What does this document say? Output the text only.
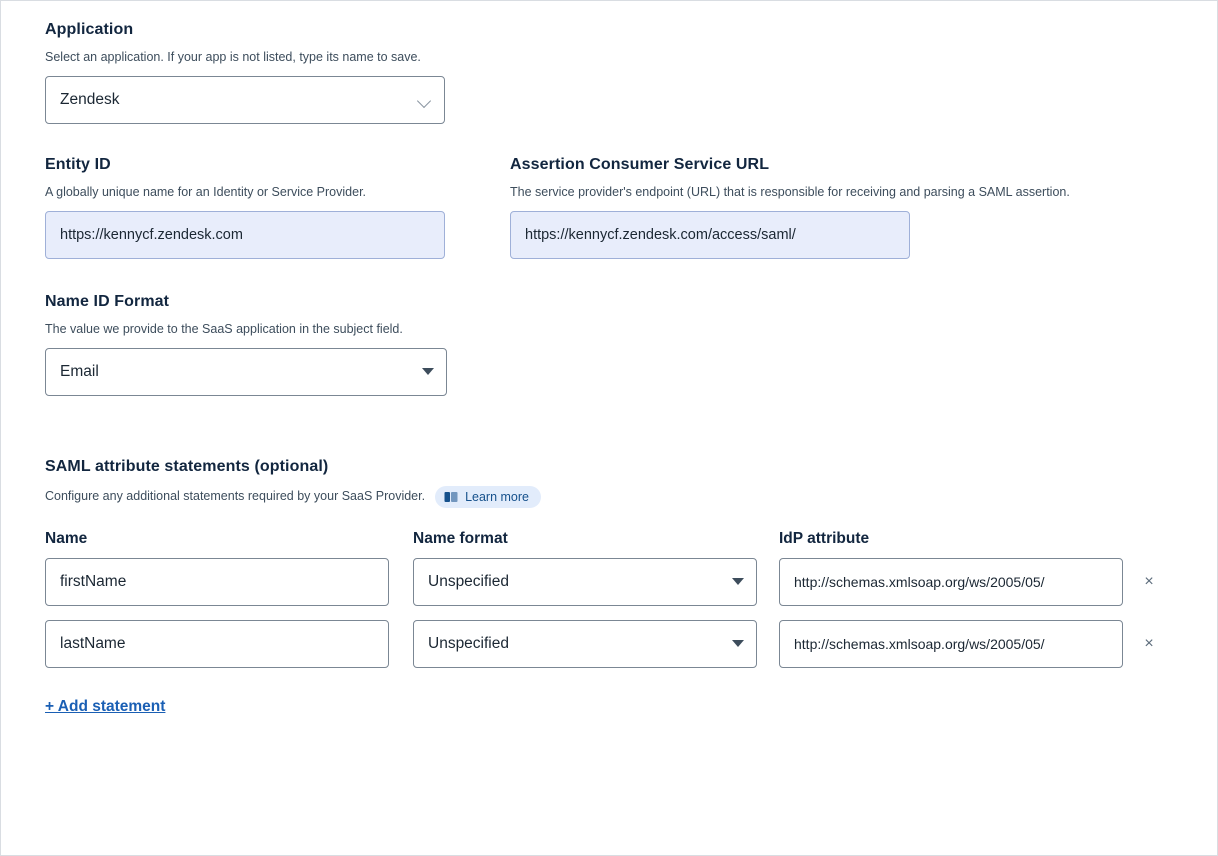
Application
Select an application. If your app is not listed, type its name to save.
Zendesk
Entity ID
A globally unique name for an Identity or Service Provider.
https://kennycf.zendesk.com
Assertion Consumer Service URL
The service provider's endpoint (URL) that is responsible for receiving and parsing a SAML assertion.
https://kennycf.zendesk.com/access/saml/
Name ID Format
The value we provide to the SaaS application in the subject field.
Email
SAML attribute statements (optional)
Configure any additional statements required by your SaaS Provider.	Learn more
Name	Name format	IdP attribute
firstName	Unspecified	http://schemas.xmlsoap.org/ws/2005/05/	×
lastName	Unspecified	http://schemas.xmlsoap.org/ws/2005/05/	×
+ Add statement
